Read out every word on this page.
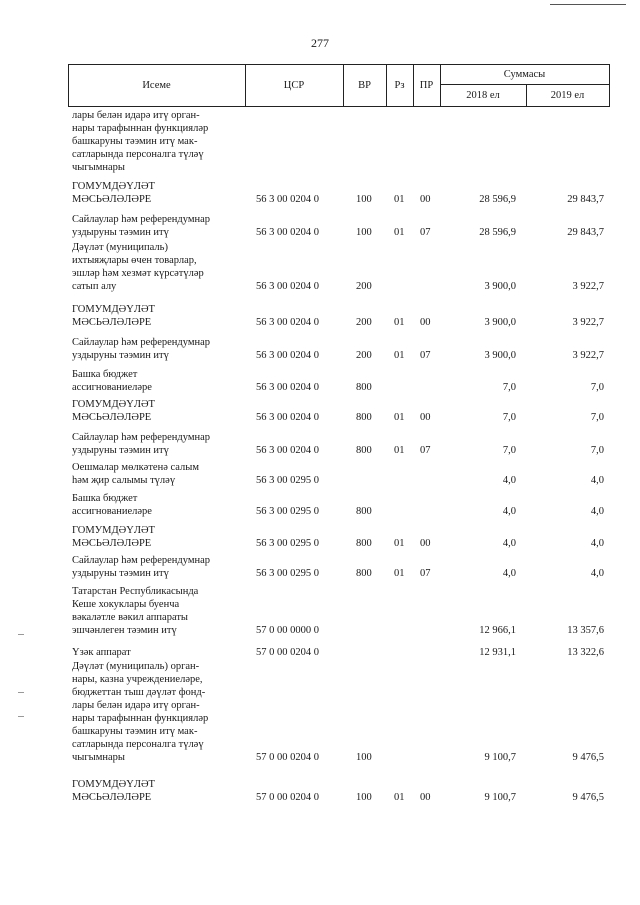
277
Исеме	ЦСР	ВР	Рз	ПР
Суммасы
2018 ел	2019 ел
лары белән идарә итү орган-
нары тарафыннан функцияләр
башкаруны тәэмин итү мак-
сатларында персоналга түләү
чыгымнары
ГОМУМДӘҮЛӘТ
МӘСЬӘЛӘЛӘРЕ	56 3 00 0204 0	100 01 00	28 596,9	29 843,7
Сайлаулар һәм референдумнар
уздыруны тәэмин итү	56 3 00 0204 0	100 01 07	28 596,9	29 843,7
Дәүләт (муниципаль)
ихтыяҗлары өчен товарлар,
эшләр һәм хезмәт күрсәтүләр
сатып алу	56 3 00 0204 0	200	3 900,0	3 922,7
ГОМУМДӘҮЛӘТ
МӘСЬӘЛӘЛӘРЕ	56 3 00 0204 0	200 01 00	3 900,0	3 922,7
Сайлаулар һәм референдумнар
уздыруны тәэмин итү	56 3 00 0204 0	200 01 07	3 900,0	3 922,7
Башка бюджет
ассигнованиеләре	56 3 00 0204 0	800	7,0	7,0
ГОМУМДӘҮЛӘТ
МӘСЬӘЛӘЛӘРЕ	56 3 00 0204 0	800 01 00	7,0	7,0
Сайлаулар һәм референдумнар
уздыруны тәэмин итү	56 3 00 0204 0	800 01 07	7,0	7,0
Оешмалар мөлкәтенә салым
һәм җир салымы түләү	56 3 00 0295 0	4,0	4,0
Башка бюджет
ассигнованиеләре	56 3 00 0295 0	800	4,0	4,0
ГОМУМДӘҮЛӘТ
МӘСЬӘЛӘЛӘРЕ	56 3 00 0295 0	800 01 00	4,0	4,0
Сайлаулар һәм референдумнар
уздыруны тәэмин итү	56 3 00 0295 0	800 01 07	4,0	4,0
Татарстан Республикасында
Кеше хокуклары буенча
вәкаләтле вәкил аппараты
эшчәнлеген тәэмин итү	57 0 00 0000 0	12 966,1	13 357,6
Үзәк аппарат	57 0 00 0204 0	12 931,1	13 322,6
Дәүләт (муниципаль) орган-
нары, казна учреждениеләре,
бюджеттан тыш дәүләт фонд-
лары белән идарә итү орган-
нары тарафыннан функцияләр
башкаруны тәэмин итү мак-
сатларында персоналга түләү
чыгымнары	57 0 00 0204 0	100	9 100,7	9 476,5
ГОМУМДӘҮЛӘТ
МӘСЬӘЛӘЛӘРЕ	57 0 00 0204 0	100 01 00	9 100,7	9 476,5
